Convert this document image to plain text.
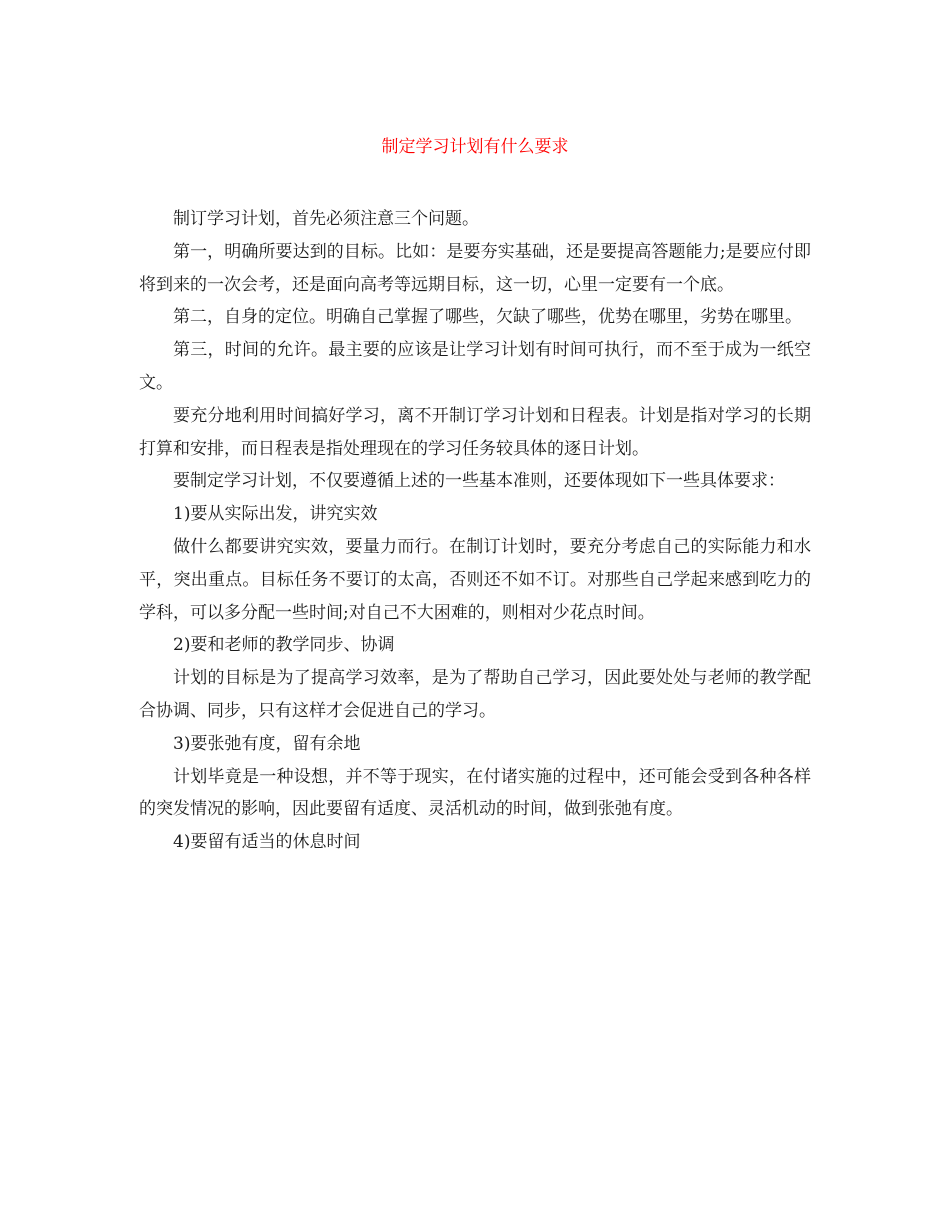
制定学习计划有什么要求

制订学习计划，首先必须注意三个问题。

第一，明确所要达到的目标。比如：是要夯实基础，还是要提高答题能力;是要应付即将到来的一次会考，还是面向高考等远期目标，这一切，心里一定要有一个底。

第二，自身的定位。明确自己掌握了哪些，欠缺了哪些，优势在哪里，劣势在哪里。

第三，时间的允许。最主要的应该是让学习计划有时间可执行，而不至于成为一纸空文。

要充分地利用时间搞好学习，离不开制订学习计划和日程表。计划是指对学习的长期打算和安排，而日程表是指处理现在的学习任务较具体的逐日计划。

要制定学习计划，不仅要遵循上述的一些基本准则，还要体现如下一些具体要求：

1)要从实际出发，讲究实效

做什么都要讲究实效，要量力而行。在制订计划时，要充分考虑自己的实际能力和水平，突出重点。目标任务不要订的太高，否则还不如不订。对那些自己学起来感到吃力的学科，可以多分配一些时间;对自己不大困难的，则相对少花点时间。

2)要和老师的教学同步、协调

计划的目标是为了提高学习效率，是为了帮助自己学习，因此要处处与老师的教学配合协调、同步，只有这样才会促进自己的学习。

3)要张弛有度，留有余地

计划毕竟是一种设想，并不等于现实，在付诸实施的过程中，还可能会受到各种各样的突发情况的影响，因此要留有适度、灵活机动的时间，做到张弛有度。

4)要留有适当的休息时间
